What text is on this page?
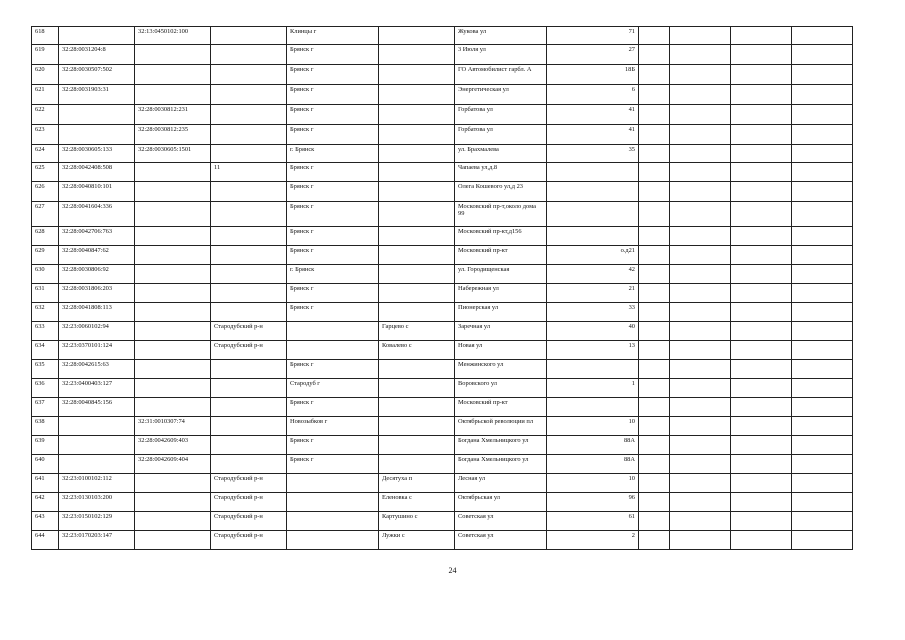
618		32:13:0450102:100		Клинцы г		Жукова ул	71				
619	32:28:0031204:8			Брянск г		3 Июля ул	27				
620	32:28:0030507:502			Брянск г		ГО Автомобилист гарбл. А	18Б				
621	32:28:0031903:31			Брянск г		Энергетическая ул	6				
622		32:28:0030812:231		Брянск г		Горбатова ул	41				
623		32:28:0030812:235		Брянск г		Горбатова ул	41				
624	32:28:0030605:133	32:28:0030605:1501		г. Брянск		ул. Брахмалева	35				
625	32:28:0042408:508		11	Брянск г		Чапаева ул,д.8					
626	32:28:0040810:101			Брянск г		Олега Кошевого ул,д 23					
627	32:28:0041604:336			Брянск г		Московский пр-т,около дома 99					
628	32:28:0042706:763			Брянск г		Московский пр-кт,д156					
629	32:28:0040847:62			Брянск г		Московский пр-кт	о.д21				
630	32:28:0030806:92			г. Брянск		ул. Городищенская	42				
631	32:28:0031806:203			Брянск г		Набережная ул	21				
632	32:28:0041808:113			Брянск г		Пионерская ул	33				
633	32:23:0060102:94		Стародубский р-н		Гарцево с	Заречная ул	40				
634	32:23:0370101:124		Стародубский р-н		Ковалево с	Новая ул	13				
635	32:28:0042615:63			Брянск г		Менжинского ул					
636	32:23:0400403:127			Стародуб г		Воровского ул	1				
637	32:28:0040845:156			Брянск г		Московский пр-кт					
638		32:31:0010307:74		Новозыбков г		Октябрьской революции пл	10				
639		32:28:0042609:403		Брянск г		Богдана Хмельницкого ул	88А				
640		32:28:0042609:404		Брянск г		Богдана Хмельницкого ул	88А				
641	32:23:0100102:112		Стародубский р-н		Десятуха п	Лесная ул	10				
642	32:23:0130103:200		Стародубский р-н		Еленовка с	Октябрьская ул	96				
643	32:23:0150102:129		Стародубский р-н		Картушино с	Советская ул	61				
644	32:23:0170203:147		Стародубский р-н		Лужки с	Советская ул	2				
24
